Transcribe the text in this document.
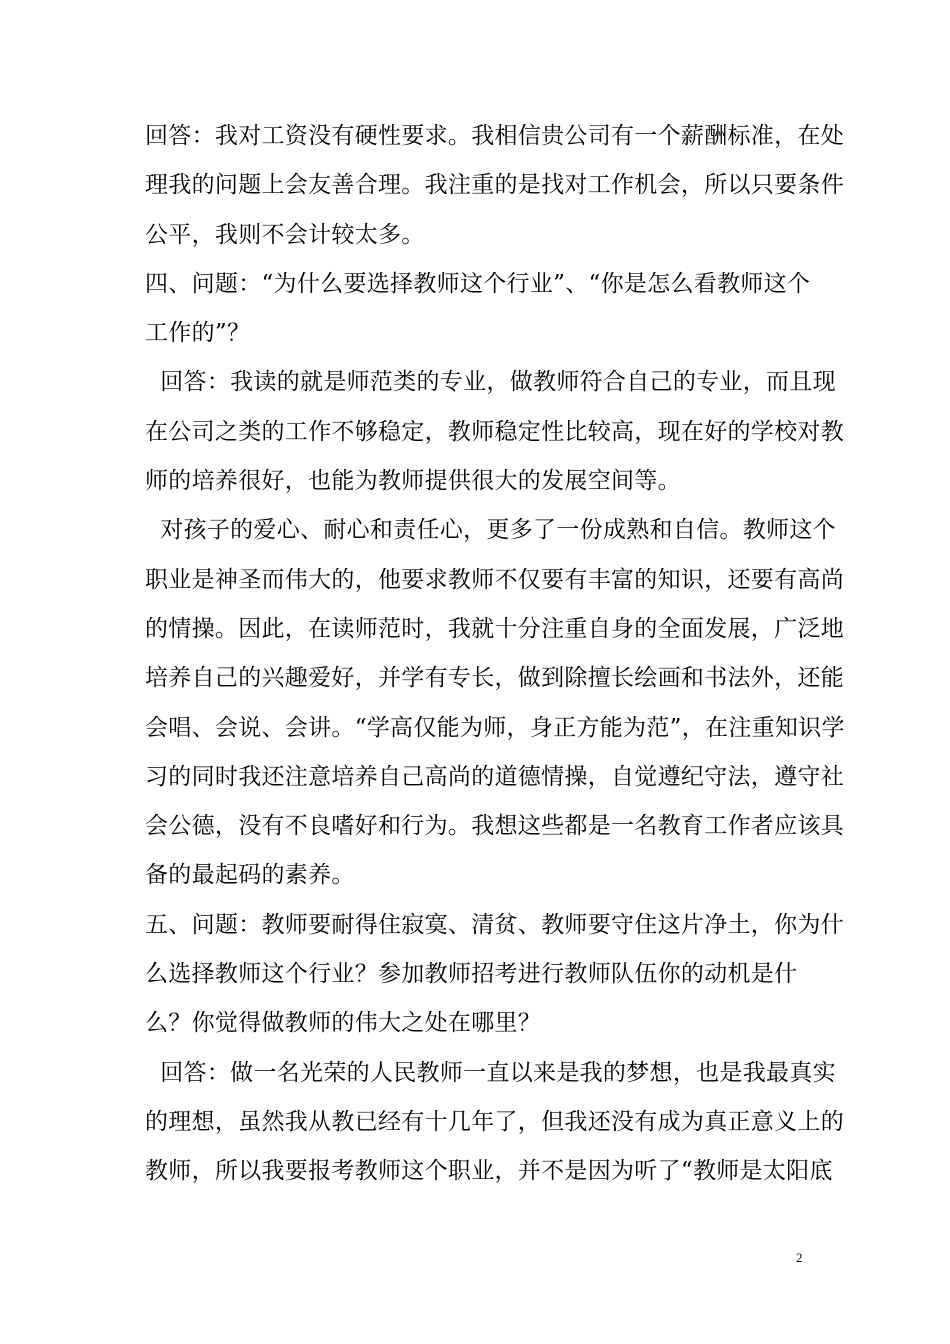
回答：我对工资没有硬性要求。我相信贵公司有一个薪酬标准，在处
理我的问题上会友善合理。我注重的是找对工作机会，所以只要条件
公平，我则不会计较太多。
四、问题：“为什么要选择教师这个行业”、“你是怎么看教师这个
工作的”？
回答：我读的就是师范类的专业，做教师符合自己的专业，而且现
在公司之类的工作不够稳定，教师稳定性比较高，现在好的学校对教
师的培养很好，也能为教师提供很大的发展空间等。
对孩子的爱心、耐心和责任心，更多了一份成熟和自信。教师这个
职业是神圣而伟大的，他要求教师不仅要有丰富的知识，还要有高尚
的情操。因此，在读师范时，我就十分注重自身的全面发展，广泛地
培养自己的兴趣爱好，并学有专长，做到除擅长绘画和书法外，还能
会唱、会说、会讲。“学高仅能为师，身正方能为范”，在注重知识学
习的同时我还注意培养自己高尚的道德情操，自觉遵纪守法，遵守社
会公德，没有不良嗜好和行为。我想这些都是一名教育工作者应该具
备的最起码的素养。
五、问题：教师要耐得住寂寞、清贫、教师要守住这片净土，你为什
么选择教师这个行业？参加教师招考进行教师队伍你的动机是什
么？你觉得做教师的伟大之处在哪里？
回答：做一名光荣的人民教师一直以来是我的梦想，也是我最真实
的理想，虽然我从教已经有十几年了，但我还没有成为真正意义上的
教师，所以我要报考教师这个职业，并不是因为听了“教师是太阳底
2
